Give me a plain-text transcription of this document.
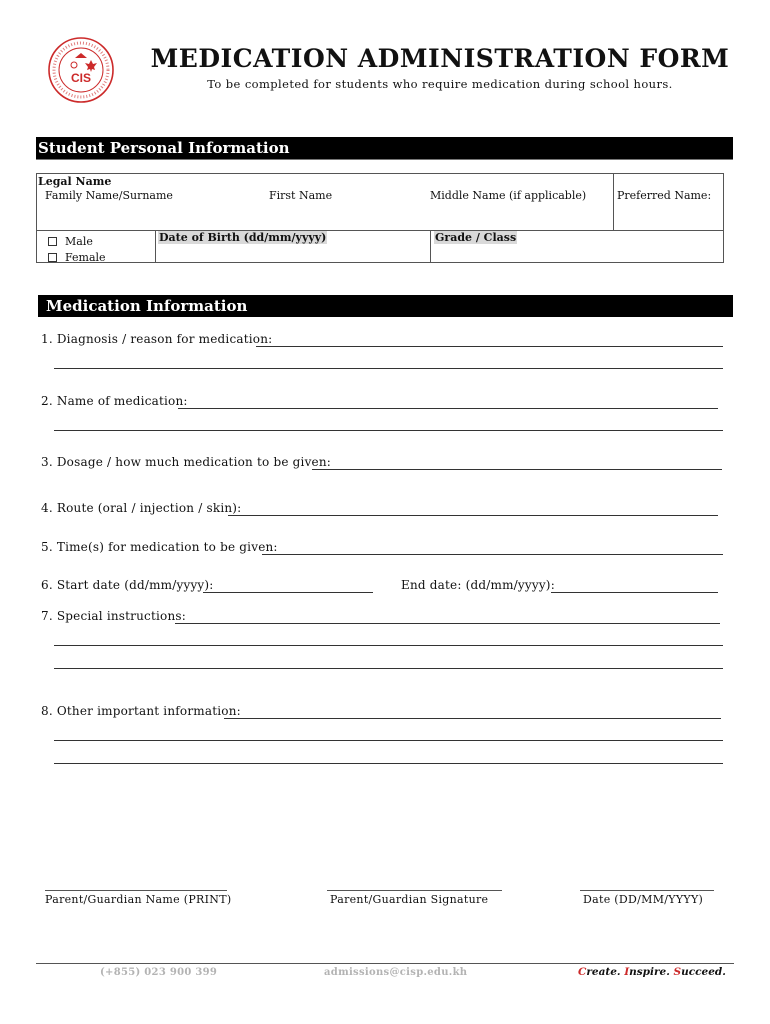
CIS
MEDICATION ADMINISTRATION FORM
To be completed for students who require medication during school hours.
Student Personal Information
Legal Name
Family Name/Surname	First Name	Middle Name (if applicable)	Preferred Name:
Male
Female
Date of Birth (dd/mm/yyyy)	Grade / Class
Medication Information
1. Diagnosis / reason for medication:
2. Name of medication:
3. Dosage / how much medication to be given:
4. Route (oral / injection / skin):
5. Time(s) for medication to be given:
6. Start date (dd/mm/yyyy):	End date: (dd/mm/yyyy):
7. Special instructions:
8. Other important information:
Parent/Guardian Name (PRINT)	Parent/Guardian Signature	Date (DD/MM/YYYY)
(+855) 023 900 399	admissions@cisp.edu.kh	Create. Inspire. Succeed.
